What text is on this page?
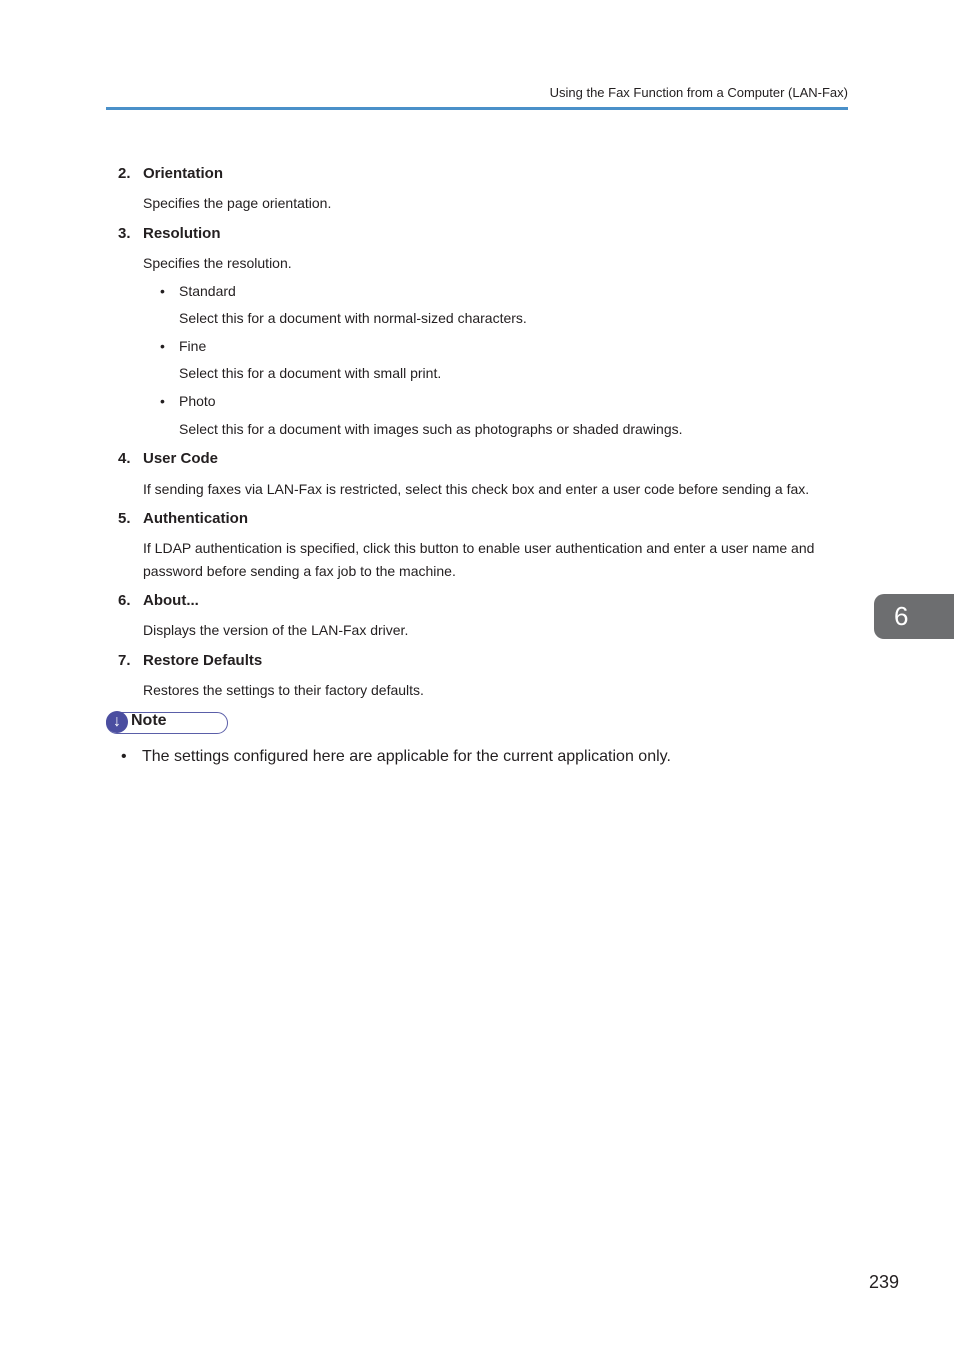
Using the Fax Function from a Computer (LAN-Fax)
2. Orientation
Specifies the page orientation.
3. Resolution
Specifies the resolution.
• Standard
Select this for a document with normal-sized characters.
• Fine
Select this for a document with small print.
• Photo
Select this for a document with images such as photographs or shaded drawings.
4. User Code
If sending faxes via LAN-Fax is restricted, select this check box and enter a user code before sending a fax.
5. Authentication
If LDAP authentication is specified, click this button to enable user authentication and enter a user name and password before sending a fax job to the machine.
6. About...
Displays the version of the LAN-Fax driver.
7. Restore Defaults
Restores the settings to their factory defaults.
↓ Note
• The settings configured here are applicable for the current application only.
6
239
